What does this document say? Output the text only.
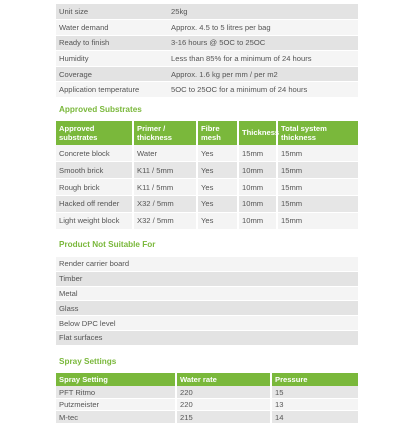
Unit size	25kg
Water demand	Approx. 4.5 to 5 litres per bag
Ready to finish	3-16 hours @ 5OC to 25OC
Humidity	Less than 85% for a minimum of 24 hours
Coverage	Approx. 1.6 kg per mm / per m2
Application temperature	5OC to 25OC for a minimum of 24 hours
Approved Substrates
Approved substrates	Primer / thickness	Fibre mesh	Thickness	Total system thickness
Concrete block	Water	Yes	15mm	15mm
Smooth brick	K11 / 5mm	Yes	10mm	15mm
Rough brick	K11 / 5mm	Yes	10mm	15mm
Hacked off render	X32 / 5mm	Yes	10mm	15mm
Light weight block	X32 / 5mm	Yes	10mm	15mm
Product Not Suitable For
Render carrier board
Timber
Metal
Glass
Below DPC level
Flat surfaces
Spray Settings
Spray Setting	Water rate	Pressure
PFT Ritmo	220	15
Putzmeister	220	13
M-tec	215	14
